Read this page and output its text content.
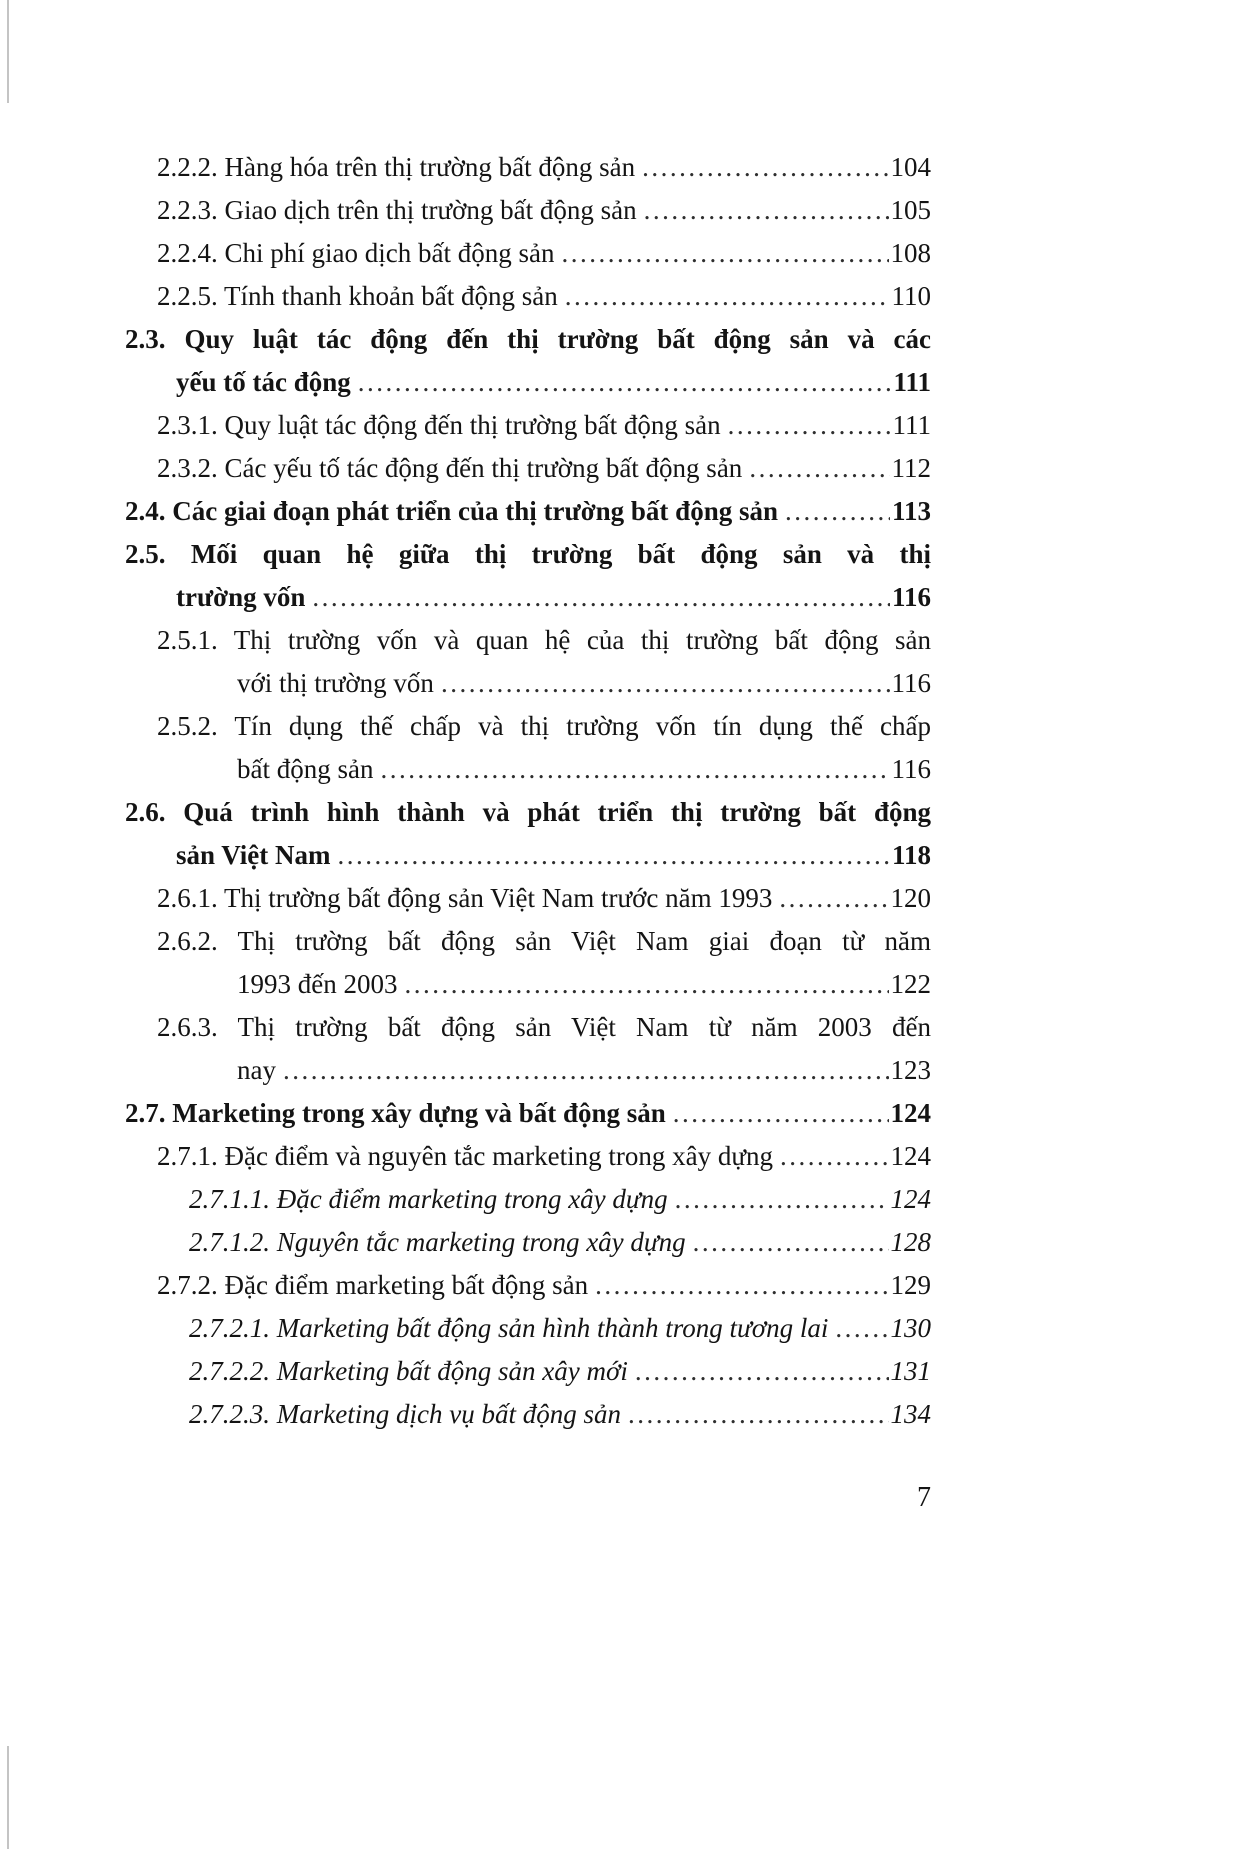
2.2.2. Hàng hóa trên thị trường bất động sản .....	104
2.2.3. Giao dịch trên thị trường bất động sản .....	105
2.2.4. Chi phí giao dịch bất động sản .....	108
2.2.5. Tính thanh khoản bất động sản .....	110
2.3. Quy luật tác động đến thị trường bất động sản và các
yếu tố tác động .....	111
2.3.1. Quy luật tác động đến thị trường bất động sản .....	111
2.3.2. Các yếu tố tác động đến thị trường bất động sản .....	112
2.4. Các giai đoạn phát triển của thị trường bất động sản .....	113
2.5. Mối quan hệ giữa thị trường bất động sản và thị
trường vốn .....	116
2.5.1. Thị trường vốn và quan hệ của thị trường bất động sản
với thị trường vốn .....	116
2.5.2. Tín dụng thế chấp và thị trường vốn tín dụng thế chấp
bất động sản .....	116
2.6. Quá trình hình thành và phát triển thị trường bất động
sản Việt Nam .....	118
2.6.1. Thị trường bất động sản Việt Nam trước năm 1993 .....	120
2.6.2. Thị trường bất động sản Việt Nam giai đoạn từ năm
1993 đến 2003 .....	122
2.6.3. Thị trường bất động sản Việt Nam từ năm 2003 đến
nay .....	123
2.7. Marketing trong xây dựng và bất động sản .....	124
2.7.1. Đặc điểm và nguyên tắc marketing trong xây dựng .....	124
2.7.1.1. Đặc điểm marketing trong xây dựng .....	124
2.7.1.2. Nguyên tắc marketing trong xây dựng .....	128
2.7.2. Đặc điểm marketing bất động sản .....	129
2.7.2.1. Marketing bất động sản hình thành trong tương lai ..... 130
2.7.2.2. Marketing bất động sản xây mới .....	131
2.7.2.3. Marketing dịch vụ bất động sản .....	134
7
